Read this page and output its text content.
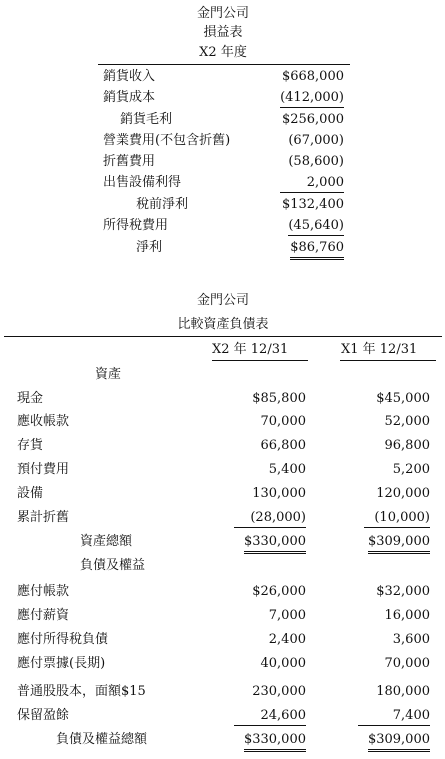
金門公司
損益表
X2 年度
銷貨收入	$668,000
銷貨成本	(412,000)
銷貨毛利	$256,000
營業費用(不包含折舊)	(67,000)
折舊費用	(58,600)
出售設備利得	2,000
稅前淨利	$132,400
所得稅費用	(45,640)
淨利	$86,760
金門公司
比較資產負債表
X2 年 12/31	X1 年 12/31
資產
現金	$85,800	$45,000
應收帳款	70,000	52,000
存貨	66,800	96,800
預付費用	5,400	5,200
設備	130,000	120,000
累計折舊	(28,000)	(10,000)
資產總額	$330,000	$309,000
負債及權益
應付帳款	$26,000	$32,000
應付薪資	7,000	16,000
應付所得稅負債	2,400	3,600
應付票據(長期)	40,000	70,000
普通股股本，面額$15	230,000	180,000
保留盈餘	24,600	7,400
負債及權益總額	$330,000	$309,000
